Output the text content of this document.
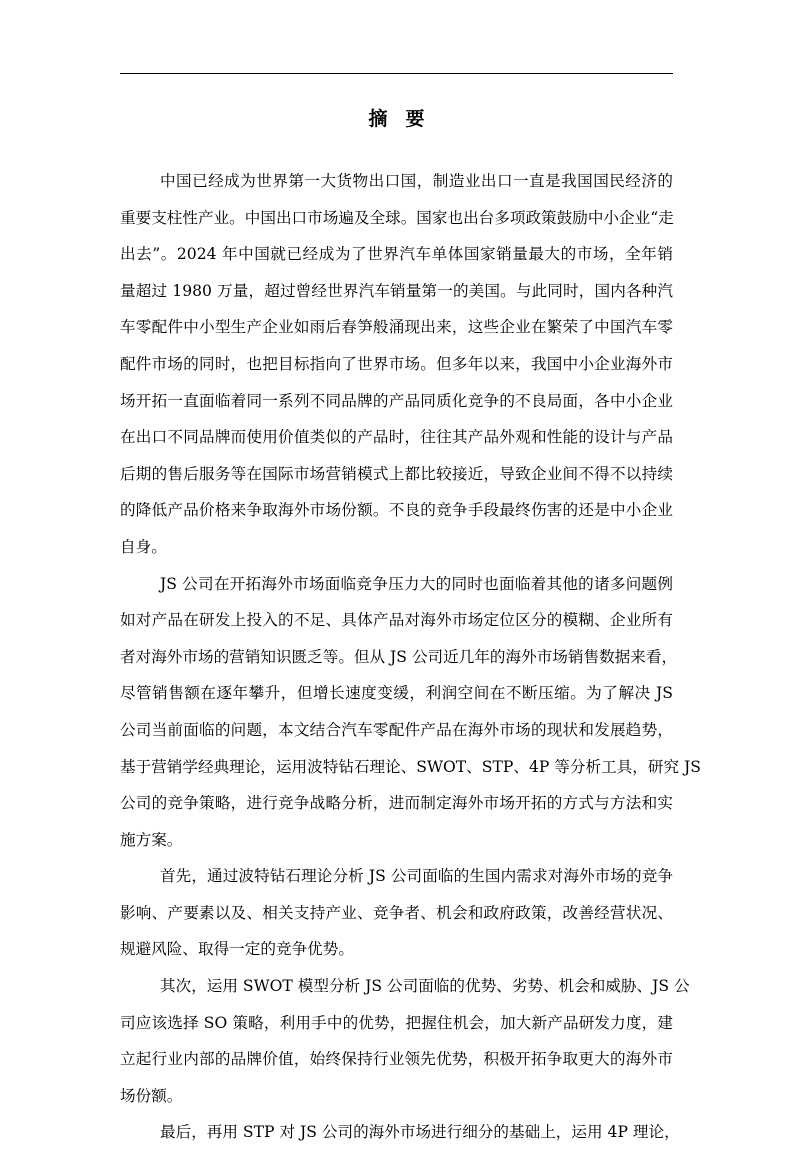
摘要
中国已经成为世界第一大货物出口国，制造业出口一直是我国国民经济的
重要支柱性产业。中国出口市场遍及全球。国家也出台多项政策鼓励中小企业“走
出去”。2024 年中国就已经成为了世界汽车单体国家销量最大的市场，全年销
量超过 1980 万量，超过曾经世界汽车销量第一的美国。与此同时，国内各种汽
车零配件中小型生产企业如雨后春笋般涌现出来，这些企业在繁荣了中国汽车零
配件市场的同时，也把目标指向了世界市场。但多年以来，我国中小企业海外市
场开拓一直面临着同一系列不同品牌的产品同质化竞争的不良局面，各中小企业
在出口不同品牌而使用价值类似的产品时，往往其产品外观和性能的设计与产品
后期的售后服务等在国际市场营销模式上都比较接近，导致企业间不得不以持续
的降低产品价格来争取海外市场份额。不良的竞争手段最终伤害的还是中小企业
自身。
JS 公司在开拓海外市场面临竞争压力大的同时也面临着其他的诸多问题例
如对产品在研发上投入的不足、具体产品对海外市场定位区分的模糊、企业所有
者对海外市场的营销知识匮乏等。但从 JS 公司近几年的海外市场销售数据来看，
尽管销售额在逐年攀升，但增长速度变缓，利润空间在不断压缩。为了解决 JS
公司当前面临的问题，本文结合汽车零配件产品在海外市场的现状和发展趋势，
基于营销学经典理论，运用波特钻石理论、SWOT、STP、4P 等分析工具，研究 JS
公司的竞争策略，进行竞争战略分析，进而制定海外市场开拓的方式与方法和实
施方案。
首先，通过波特钻石理论分析 JS 公司面临的生国内需求对海外市场的竞争
影响、产要素以及、相关支持产业、竞争者、机会和政府政策，改善经营状况、
规避风险、取得一定的竞争优势。
其次，运用 SWOT 模型分析 JS 公司面临的优势、劣势、机会和威胁、JS 公
司应该选择 SO 策略，利用手中的优势，把握住机会，加大新产品研发力度，建
立起行业内部的品牌价值，始终保持行业领先优势，积极开拓争取更大的海外市
场份额。
最后，再用 STP 对 JS 公司的海外市场进行细分的基础上，运用 4P 理论，
